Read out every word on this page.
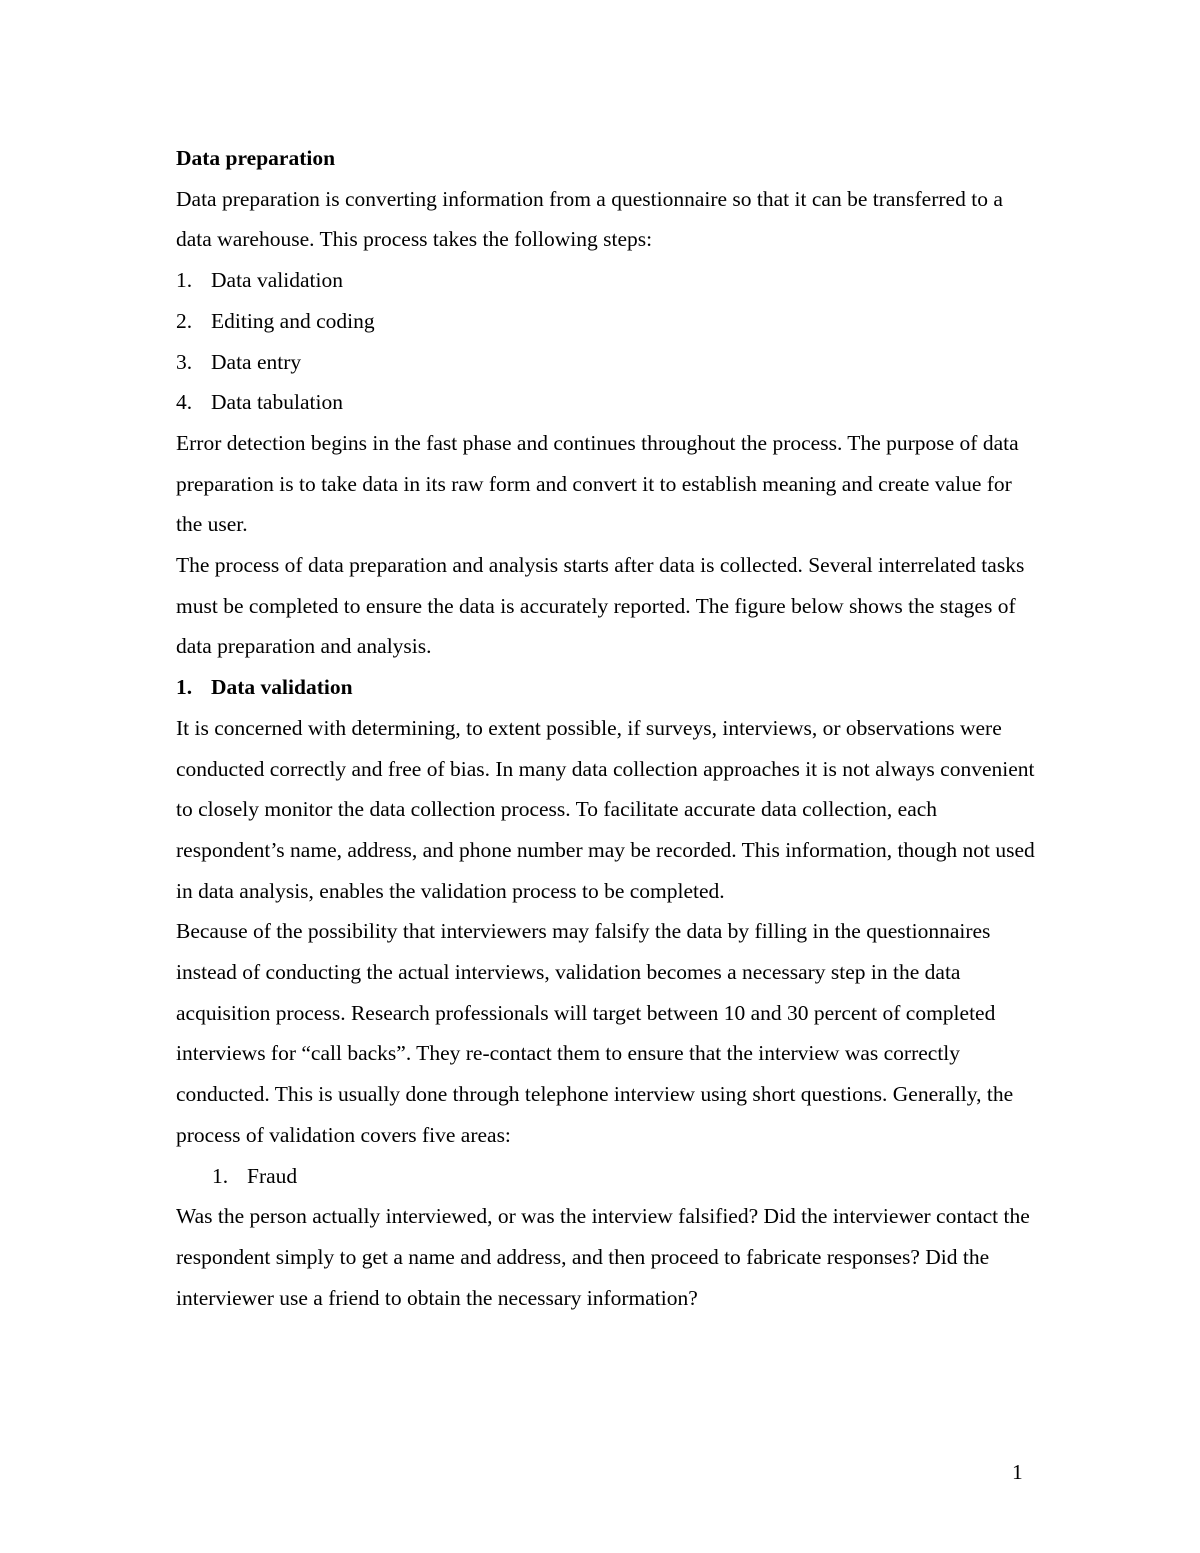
Data preparation

Data preparation is converting information from a questionnaire so that it can be transferred to a data warehouse. This process takes the following steps:

1. Data validation
2. Editing and coding
3. Data entry
4. Data tabulation

Error detection begins in the fast phase and continues throughout the process. The purpose of data preparation is to take data in its raw form and convert it to establish meaning and create value for the user.

The process of data preparation and analysis starts after data is collected. Several interrelated tasks must be completed to ensure the data is accurately reported. The figure below shows the stages of data preparation and analysis.

1. Data validation

It is concerned with determining, to extent possible, if surveys, interviews, or observations were conducted correctly and free of bias. In many data collection approaches it is not always convenient to closely monitor the data collection process. To facilitate accurate data collection, each respondent’s name, address, and phone number may be recorded. This information, though not used in data analysis, enables the validation process to be completed.

Because of the possibility that interviewers may falsify the data by filling in the questionnaires instead of conducting the actual interviews, validation becomes a necessary step in the data acquisition process. Research professionals will target between 10 and 30 percent of completed interviews for “call backs”. They re-contact them to ensure that the interview was correctly conducted. This is usually done through telephone interview using short questions. Generally, the process of validation covers five areas:

1. Fraud

Was the person actually interviewed, or was the interview falsified? Did the interviewer contact the respondent simply to get a name and address, and then proceed to fabricate responses? Did the interviewer use a friend to obtain the necessary information?

1
